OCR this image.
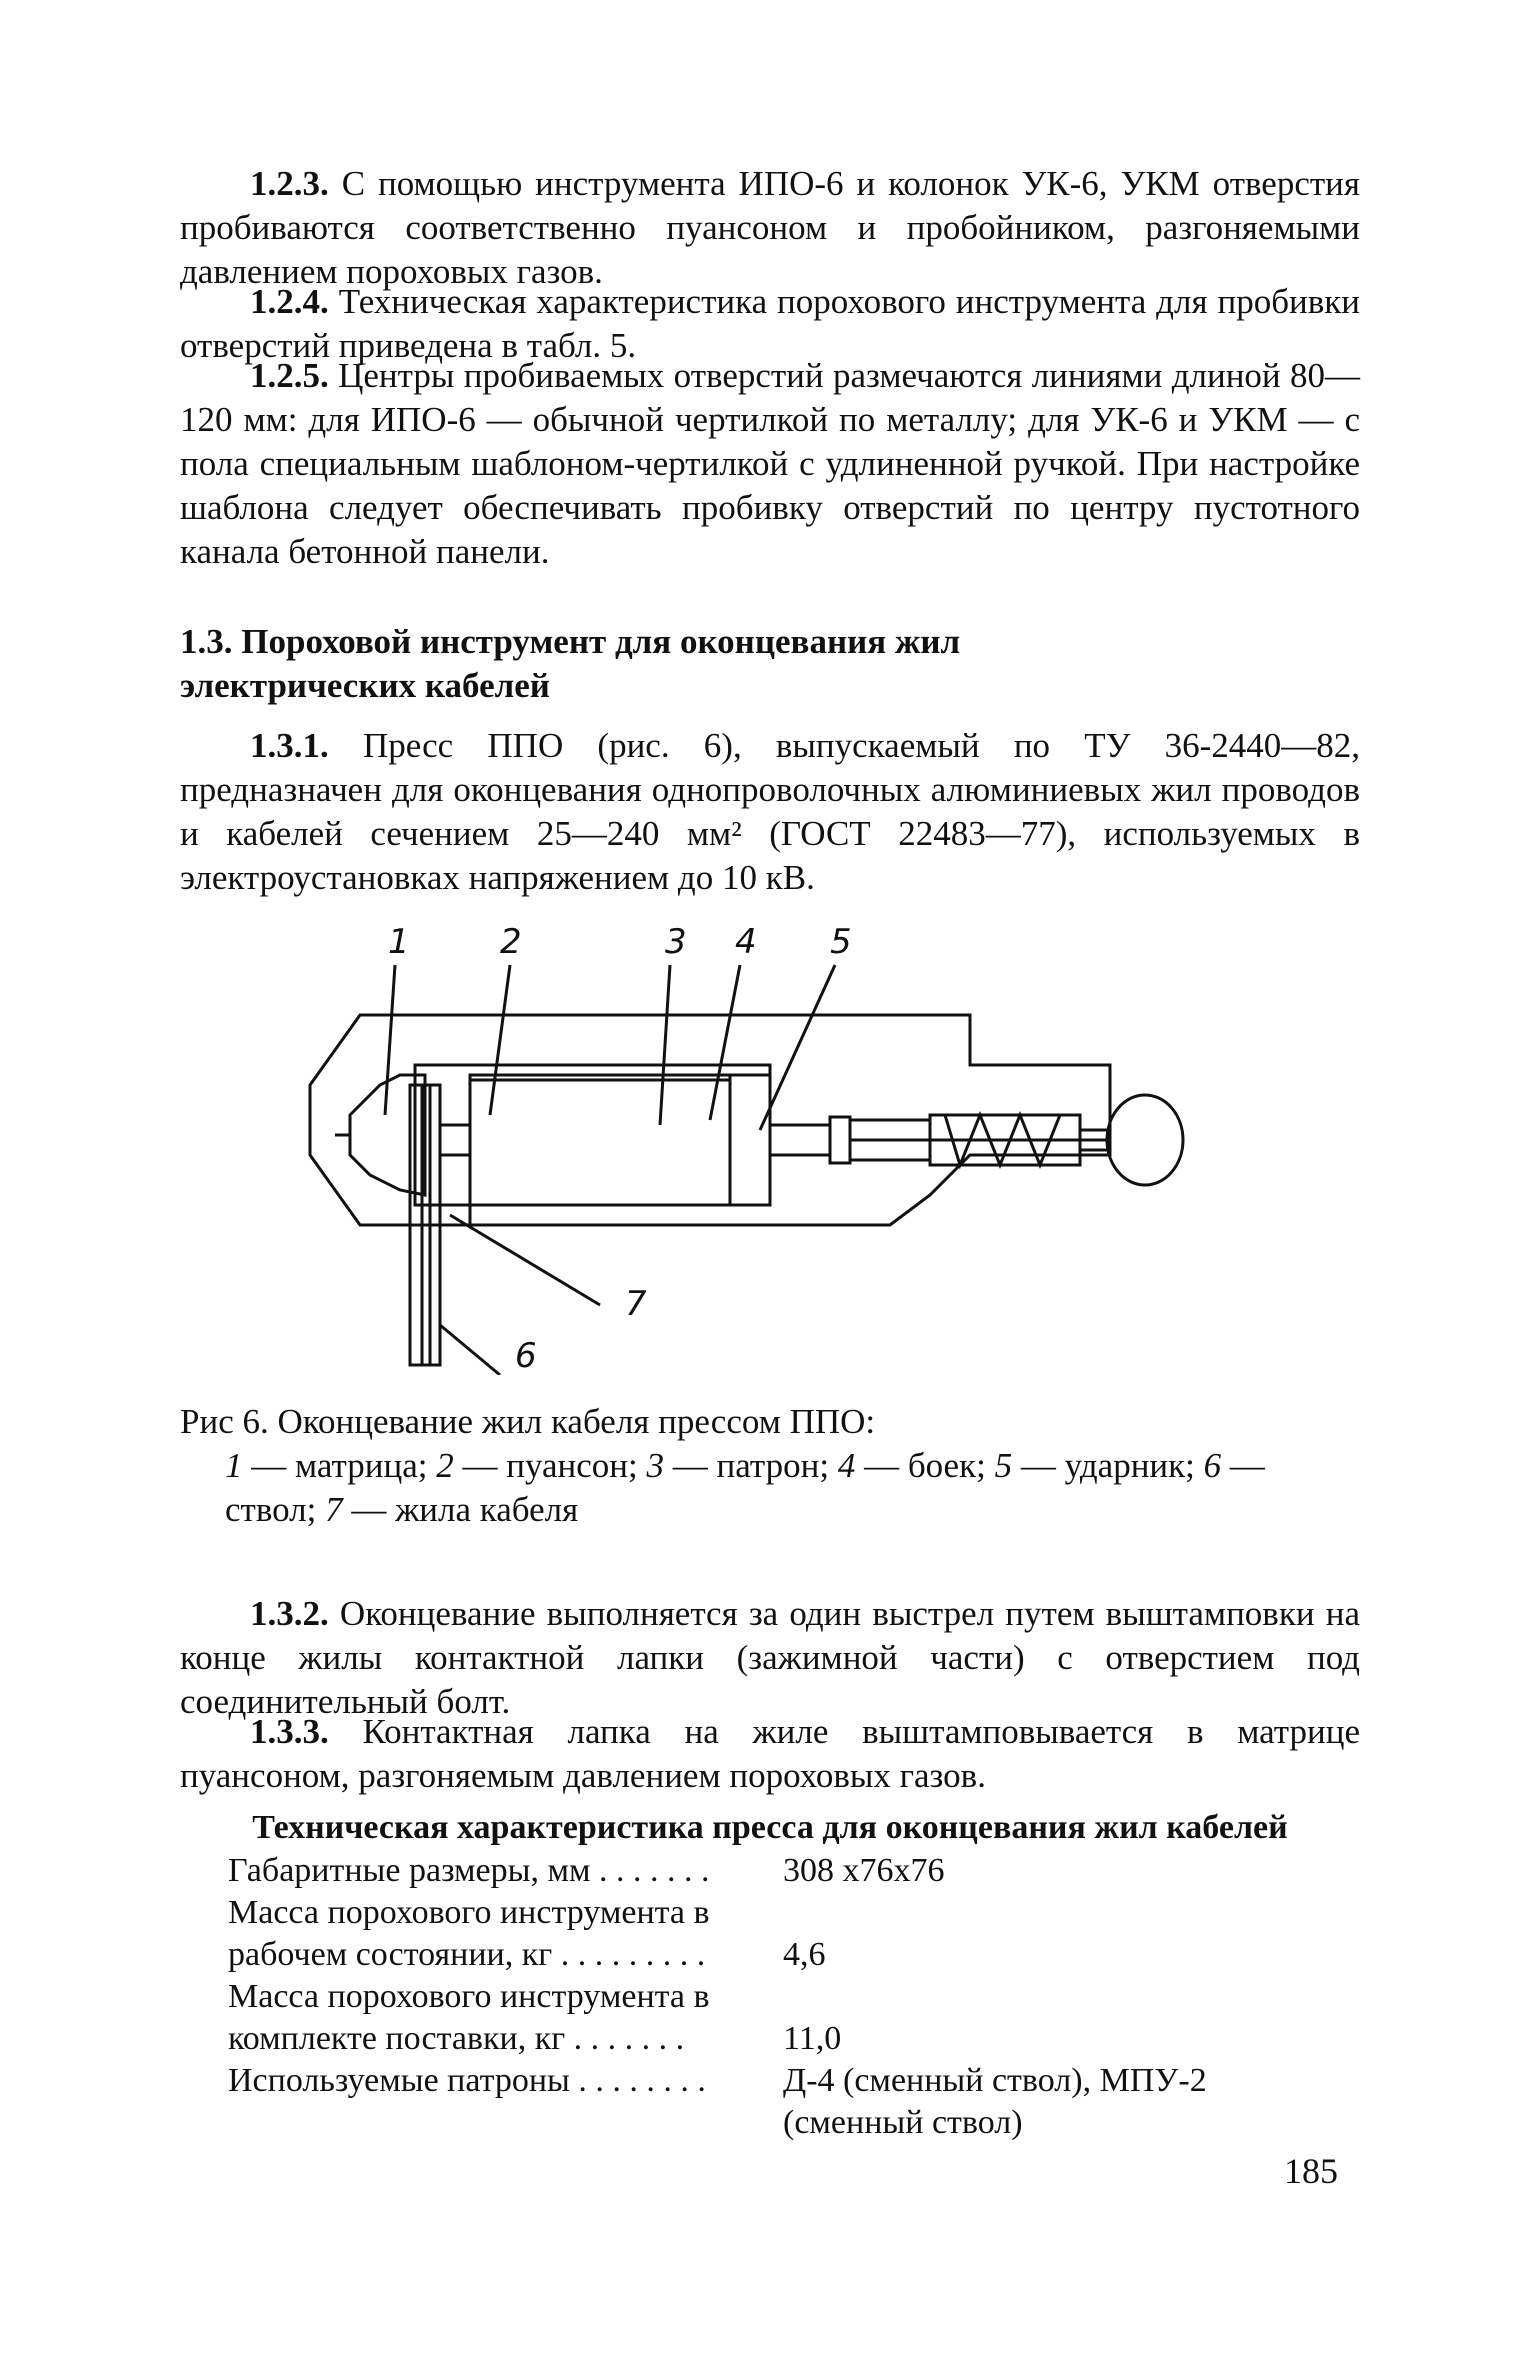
1.2.3. С помощью инструмента ИПО-6 и колонок УК-6, УКМ отверстия пробиваются соответственно пуансоном и пробойником, разгоняемыми давлением пороховых газов.
1.2.4. Техническая характеристика порохового инструмента для пробивки отверстий приведена в табл. 5.
1.2.5. Центры пробиваемых отверстий размечаются линиями длиной 80—120 мм: для ИПО-6 — обычной чертилкой по металлу; для УК-6 и УКМ — с пола специальным шаблоном-чертилкой с удлиненной ручкой. При настройке шаблона следует обеспечивать пробивку отверстий по центру пустотного канала бетонной панели.
1.3. Пороховой инструмент для оконцевания жил
электрических кабелей
1.3.1. Пресс ППО (рис. 6), выпускаемый по ТУ 36-2440—82, предназначен для оконцевания однопроволочных алюминиевых жил проводов и кабелей сечением 25—240 мм² (ГОСТ 22483—77), используемых в электроустановках напряжением до 10 кВ.
1	2	3 4 5
6
7
Рис 6. Оконцевание жил кабеля прессом ППО:
1 — матрица; 2 — пуансон; 3 — патрон; 4 — боек; 5 — ударник; 6 — ствол; 7 — жила кабеля
1.3.2. Оконцевание выполняется за один выстрел путем выштамповки на конце жилы контактной лапки (зажимной части) с отверстием под соединительный болт.
1.3.3. Контактная лапка на жиле выштамповывается в матрице пуансоном, разгоняемым давлением пороховых газов.
Техническая характеристика пресса для оконцевания жил кабелей
Габаритные размеры, мм . . . . . . .	308 х76х76
Масса порохового инструмента в
рабочем состоянии, кг . . . . . . . . .	4,6
Масса порохового инструмента в
комплекте поставки, кг . . . . . . .	11,0
Используемые патроны . . . . . . . .	Д-4 (сменный ствол), МПУ-2 (сменный ствол)
185
